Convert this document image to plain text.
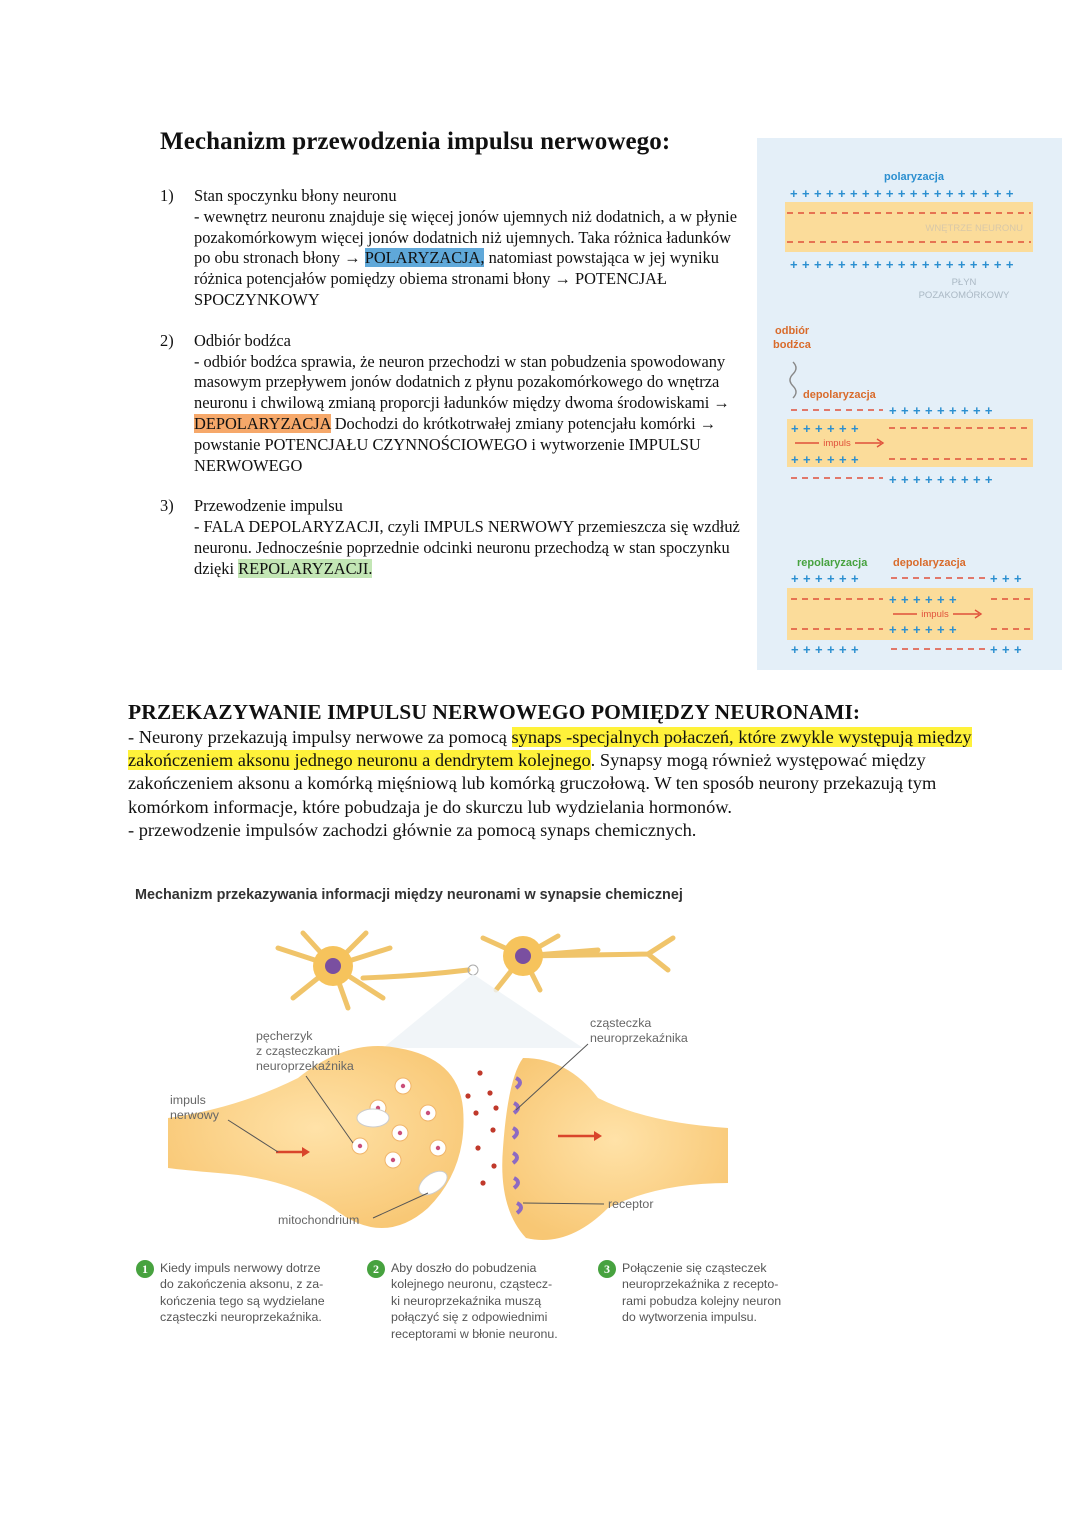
Mechanizm przewodzenia impulsu nerwowego:
1) Stan spoczynku błony neuronu
- wewnętrz neuronu znajduje się więcej jonów ujemnych niż dodatnich, a w płynie pozakomórkowym więcej jonów dodatnich niż ujemnych. Taka różnica ładunków po obu stronach błony → POLARYZACJA, natomiast powstająca w jej wyniku różnica potencjałów pomiędzy obiema stronami błony → POTENCJAŁ SPOCZYNKOWY
2) Odbiór bodźca
- odbiór bodźca sprawia, że neuron przechodzi w stan pobudzenia spowodowany masowym przepływem jonów dodatnich z płynu pozakomórkowego do wnętrza neuronu i chwilową zmianą proporcji ładunków między dwoma środowiskami → DEPOLARYZACJA Dochodzi do krótkotrwałej zmiany potencjału komórki → powstanie POTENCJAŁU CZYNNOŚCIOWEGO i wytworzenie IMPULSU NERWOWEGO
3) Przewodzenie impulsu
- FALA DEPOLARYZACJI, czyli IMPULS NERWOWY przemieszcza się wzdłuż neuronu. Jednocześnie poprzednie odcinki neuronu przechodzą w stan spoczynku dzięki REPOLARYZACJI.
polaryzacja
+++++++++++++++++++
WNĘTRZE NEURONU
+++++++++++++++++++
PŁYN
POZAKOMÓRKOWY
odbiór
bodźca
depolaryzacja
+++++++++
++++++
impuls
++++++
+++++++++
repolaryzacja depolaryzacja
++++++	+++
++++++
impuls
++++++
++++++	+++
PRZEKAZYWANIE IMPULSU NERWOWEGO POMIĘDZY NEURONAMI:
- Neurony przekazują impulsy nerwowe za pomocą synaps -specjalnych połaczeń, które zwykle występują między zakończeniem aksonu jednego neuronu a dendrytem kolejnego. Synapsy mogą również występować między zakończeniem aksonu a komórką mięśniową lub komórką gruczołową. W ten sposób neurony przekazują tym komórkom informacje, które pobudzaja je do skurczu lub wydzielania hormonów.
- przewodzenie impulsów zachodzi głównie za pomocą synaps chemicznych.
Mechanizm przekazywania informacji między neuronami w synapsie chemicznej
pęcherzyk
z cząsteczkami
neuroprzekaźnika
impuls
nerwowy
cząsteczka
neuroprzekaźnika
receptor
mitochondrium
1 Kiedy impuls nerwowy dotrze
do zakończenia aksonu, z za-
kończenia tego są wydzielane
cząsteczki neuroprzekaźnika.
2 Aby doszło do pobudzenia
kolejnego neuronu, cząstecz-
ki neuroprzekaźnika muszą
połączyć się z odpowiednimi
receptorami w błonie neuronu.
3 Połączenie się cząsteczek
neuroprzekaźnika z recepto-
rami pobudza kolejny neuron
do wytworzenia impulsu.
